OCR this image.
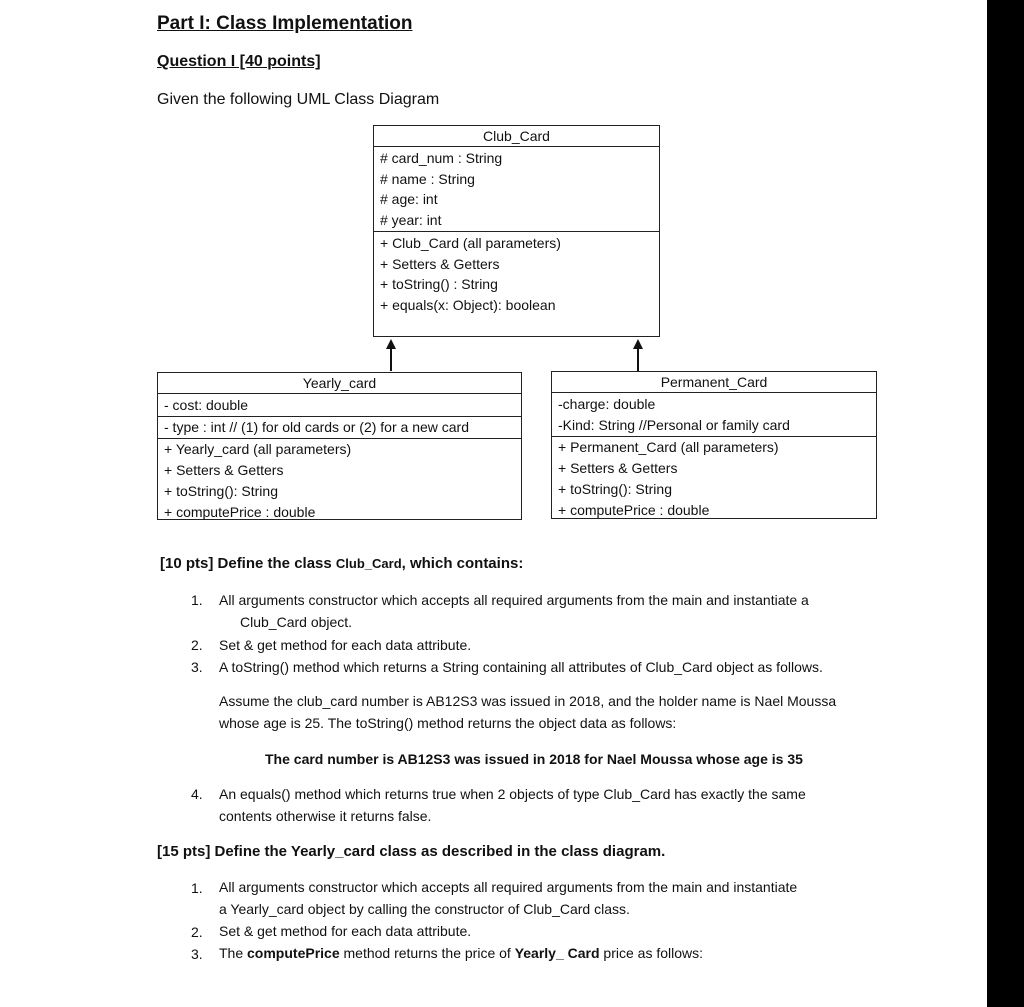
Part I: Class Implementation
Question I [40 points]
Given the following UML Class Diagram
Club_Card
# card_num : String
# name : String
# age: int
# year: int
+ Club_Card (all parameters)
+ Setters & Getters
+ toString() : String
+ equals(x: Object): boolean
Yearly_card
- cost: double
- type : int // (1) for old cards or (2) for a new card
+ Yearly_card (all parameters)
+ Setters & Getters
+ toString(): String
+ computePrice : double
Permanent_Card
-charge: double
-Kind: String //Personal or family card
+ Permanent_Card (all parameters)
+ Setters & Getters
+ toString(): String
+ computePrice : double
[10 pts] Define the class Club_Card, which contains:
1. All arguments constructor which accepts all required arguments from the main and instantiate a
Club_Card object.
2. Set & get method for each data attribute.
3. A toString() method which returns a String containing all attributes of Club_Card object as follows.
Assume the club_card number is AB12S3 was issued in 2018, and the holder name is Nael Moussa
whose age is 25. The toString() method returns the object data as follows:
The card number is AB12S3 was issued in 2018 for Nael Moussa whose age is 35
4. An equals() method which returns true when 2 objects of type Club_Card has exactly the same
contents otherwise it returns false.
[15 pts] Define the Yearly_card class as described in the class diagram.
1. All arguments constructor which accepts all required arguments from the main and instantiate
a Yearly_card object by calling the constructor of Club_Card class.
2. Set & get method for each data attribute.
3. The computePrice method returns the price of Yearly_ Card price as follows:
